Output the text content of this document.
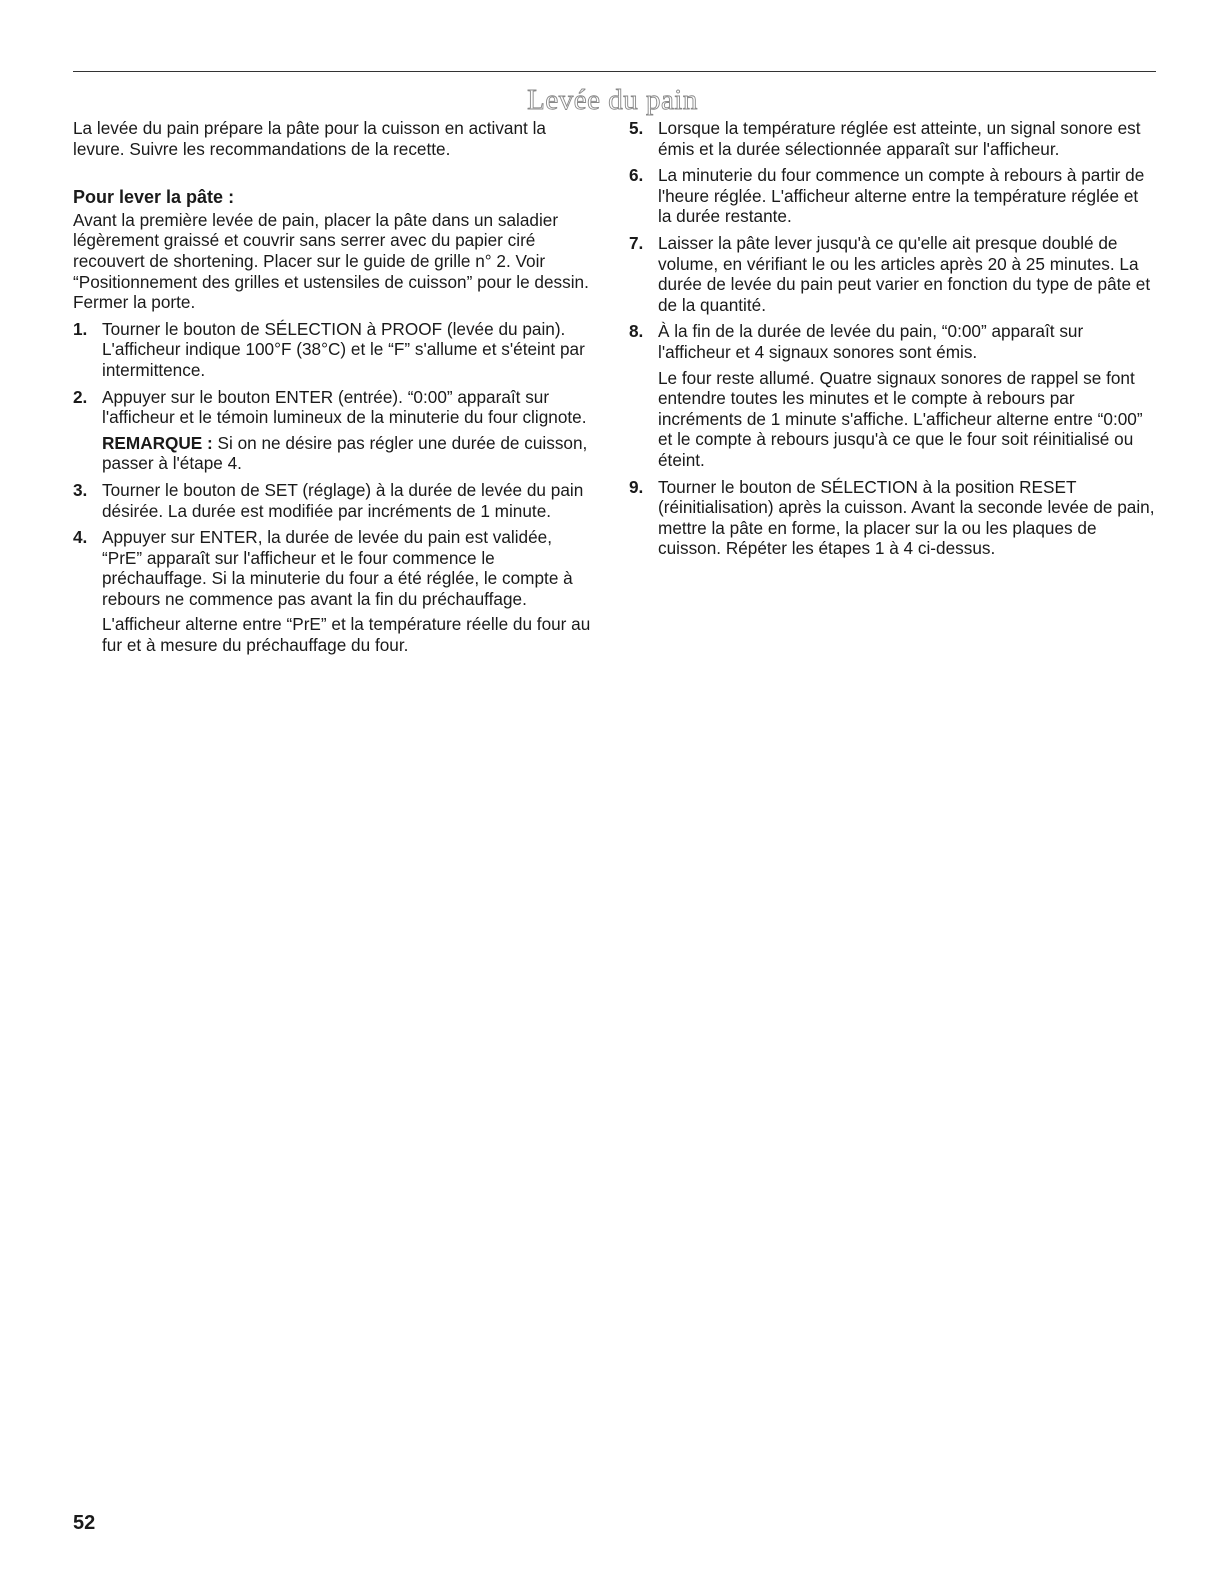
Levée du pain

La levée du pain prépare la pâte pour la cuisson en activant la levure. Suivre les recommandations de la recette.

Pour lever la pâte :

Avant la première levée de pain, placer la pâte dans un saladier légèrement graissé et couvrir sans serrer avec du papier ciré recouvert de shortening. Placer sur le guide de grille n° 2. Voir “Positionnement des grilles et ustensiles de cuisson” pour le dessin. Fermer la porte.

1. Tourner le bouton de SÉLECTION à PROOF (levée du pain). L'afficheur indique 100°F (38°C) et le “F” s'allume et s'éteint par intermittence.

2. Appuyer sur le bouton ENTER (entrée). “0:00” apparaît sur l'afficheur et le témoin lumineux de la minuterie du four clignote.

REMARQUE : Si on ne désire pas régler une durée de cuisson, passer à l'étape 4.

3. Tourner le bouton de SET (réglage) à la durée de levée du pain désirée. La durée est modifiée par incréments de 1 minute.

4. Appuyer sur ENTER, la durée de levée du pain est validée, “PrE” apparaît sur l'afficheur et le four commence le préchauffage. Si la minuterie du four a été réglée, le compte à rebours ne commence pas avant la fin du préchauffage.

L'afficheur alterne entre “PrE” et la température réelle du four au fur et à mesure du préchauffage du four.

5. Lorsque la température réglée est atteinte, un signal sonore est émis et la durée sélectionnée apparaît sur l'afficheur.

6. La minuterie du four commence un compte à rebours à partir de l'heure réglée. L'afficheur alterne entre la température réglée et la durée restante.

7. Laisser la pâte lever jusqu'à ce qu'elle ait presque doublé de volume, en vérifiant le ou les articles après 20 à 25 minutes. La durée de levée du pain peut varier en fonction du type de pâte et de la quantité.

8. À la fin de la durée de levée du pain, “0:00” apparaît sur l'afficheur et 4 signaux sonores sont émis.

Le four reste allumé. Quatre signaux sonores de rappel se font entendre toutes les minutes et le compte à rebours par incréments de 1 minute s'affiche. L'afficheur alterne entre “0:00” et le compte à rebours jusqu'à ce que le four soit réinitialisé ou éteint.

9. Tourner le bouton de SÉLECTION à la position RESET (réinitialisation) après la cuisson. Avant la seconde levée de pain, mettre la pâte en forme, la placer sur la ou les plaques de cuisson. Répéter les étapes 1 à 4 ci-dessus.

52
